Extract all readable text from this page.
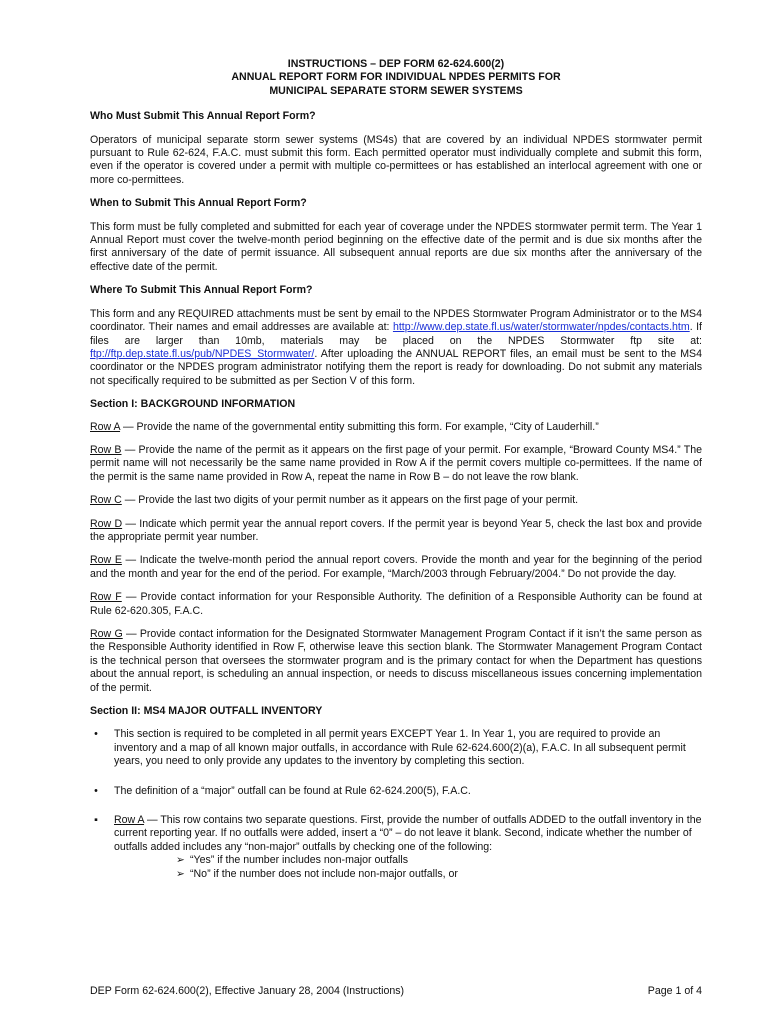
INSTRUCTIONS – DEP FORM 62-624.600(2)
ANNUAL REPORT FORM FOR INDIVIDUAL NPDES PERMITS FOR
MUNICIPAL SEPARATE STORM SEWER SYSTEMS
Who Must Submit This Annual Report Form?
Operators of municipal separate storm sewer systems (MS4s) that are covered by an individual NPDES stormwater permit pursuant to Rule 62-624, F.A.C. must submit this form. Each permitted operator must individually complete and submit this form, even if the operator is covered under a permit with multiple co-permittees or has established an interlocal agreement with one or more co-permittees.
When to Submit This Annual Report Form?
This form must be fully completed and submitted for each year of coverage under the NPDES stormwater permit term. The Year 1 Annual Report must cover the twelve-month period beginning on the effective date of the permit and is due six months after the first anniversary of the date of permit issuance. All subsequent annual reports are due six months after the anniversary of the effective date of the permit.
Where To Submit This Annual Report Form?
This form and any REQUIRED attachments must be sent by email to the NPDES Stormwater Program Administrator or to the MS4 coordinator. Their names and email addresses are available at: http://www.dep.state.fl.us/water/stormwater/npdes/contacts.htm. If files are larger than 10mb, materials may be placed on the NPDES Stormwater ftp site at: ftp://ftp.dep.state.fl.us/pub/NPDES_Stormwater/. After uploading the ANNUAL REPORT files, an email must be sent to the MS4 coordinator or the NPDES program administrator notifying them the report is ready for downloading. Do not submit any materials not specifically required to be submitted as per Section V of this form.
Section I: BACKGROUND INFORMATION
Row A — Provide the name of the governmental entity submitting this form. For example, “City of Lauderhill.”
Row B — Provide the name of the permit as it appears on the first page of your permit. For example, “Broward County MS4.” The permit name will not necessarily be the same name provided in Row A if the permit covers multiple co-permittees. If the name of the permit is the same name provided in Row A, repeat the name in Row B – do not leave the row blank.
Row C — Provide the last two digits of your permit number as it appears on the first page of your permit.
Row D — Indicate which permit year the annual report covers. If the permit year is beyond Year 5, check the last box and provide the appropriate permit year number.
Row E — Indicate the twelve-month period the annual report covers. Provide the month and year for the beginning of the period and the month and year for the end of the period. For example, “March/2003 through February/2004.” Do not provide the day.
Row F — Provide contact information for your Responsible Authority. The definition of a Responsible Authority can be found at Rule 62-620.305, F.A.C.
Row G — Provide contact information for the Designated Stormwater Management Program Contact if it isn’t the same person as the Responsible Authority identified in Row F, otherwise leave this section blank. The Stormwater Management Program Contact is the technical person that oversees the stormwater program and is the primary contact for when the Department has questions about the annual report, is scheduling an annual inspection, or needs to discuss miscellaneous issues concerning implementation of the permit.
Section II: MS4 MAJOR OUTFALL INVENTORY
•	This section is required to be completed in all permit years EXCEPT Year 1. In Year 1, you are required to provide an inventory and a map of all known major outfalls, in accordance with Rule 62-624.600(2)(a), F.A.C. In all subsequent permit years, you need to only provide any updates to the inventory by completing this section.
•	The definition of a “major” outfall can be found at Rule 62-624.200(5), F.A.C.
▪	Row A — This row contains two separate questions. First, provide the number of outfalls ADDED to the outfall inventory in the current reporting year. If no outfalls were added, insert a “0” – do not leave it blank. Second, indicate whether the number of outfalls added includes any “non-major” outfalls by checking one of the following:
➢ “Yes” if the number includes non-major outfalls
➢ “No” if the number does not include non-major outfalls, or
DEP Form 62-624.600(2), Effective January 28, 2004 (Instructions)	Page 1 of 4
